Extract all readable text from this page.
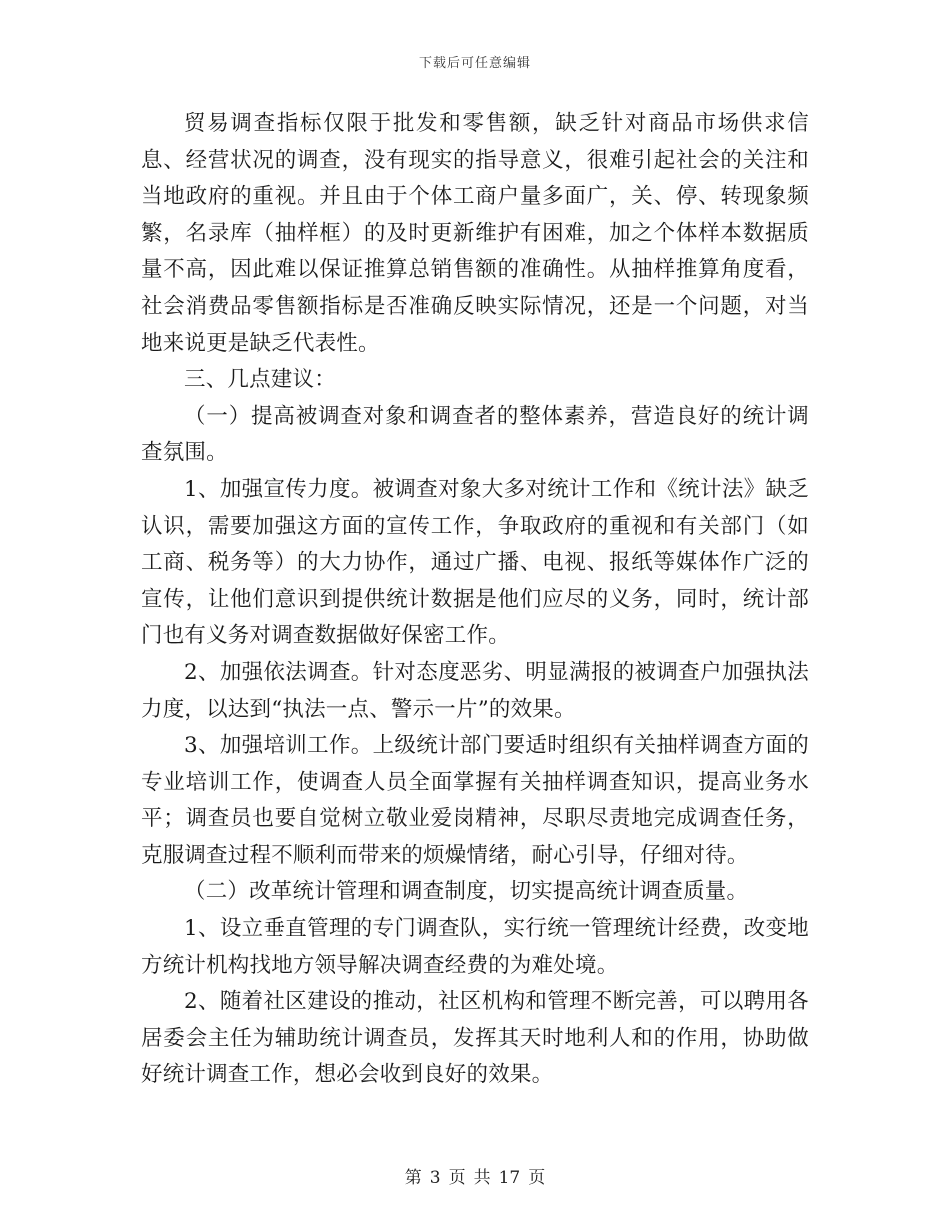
下载后可任意编辑

贸易调查指标仅限于批发和零售额，缺乏针对商品市场供求信息、经营状况的调查，没有现实的指导意义，很难引起社会的关注和当地政府的重视。并且由于个体工商户量多面广，关、停、转现象频繁，名录库（抽样框）的及时更新维护有困难，加之个体样本数据质量不高，因此难以保证推算总销售额的准确性。从抽样推算角度看，社会消费品零售额指标是否准确反映实际情况，还是一个问题，对当地来说更是缺乏代表性。

三、几点建议：

（一）提高被调查对象和调查者的整体素养，营造良好的统计调查氛围。

1、加强宣传力度。被调查对象大多对统计工作和《统计法》缺乏认识，需要加强这方面的宣传工作，争取政府的重视和有关部门（如工商、税务等）的大力协作，通过广播、电视、报纸等媒体作广泛的宣传，让他们意识到提供统计数据是他们应尽的义务，同时，统计部门也有义务对调查数据做好保密工作。

2、加强依法调查。针对态度恶劣、明显满报的被调查户加强执法力度，以达到“执法一点、警示一片”的效果。

3、加强培训工作。上级统计部门要适时组织有关抽样调查方面的专业培训工作，使调查人员全面掌握有关抽样调查知识，提高业务水平；调查员也要自觉树立敬业爱岗精神，尽职尽责地完成调查任务，克服调查过程不顺利而带来的烦燥情绪，耐心引导，仔细对待。

（二）改革统计管理和调查制度，切实提高统计调查质量。

1、设立垂直管理的专门调查队，实行统一管理统计经费，改变地方统计机构找地方领导解决调查经费的为难处境。

2、随着社区建设的推动，社区机构和管理不断完善，可以聘用各居委会主任为辅助统计调查员，发挥其天时地利人和的作用，协助做好统计调查工作，想必会收到良好的效果。

第 3 页 共 17 页
